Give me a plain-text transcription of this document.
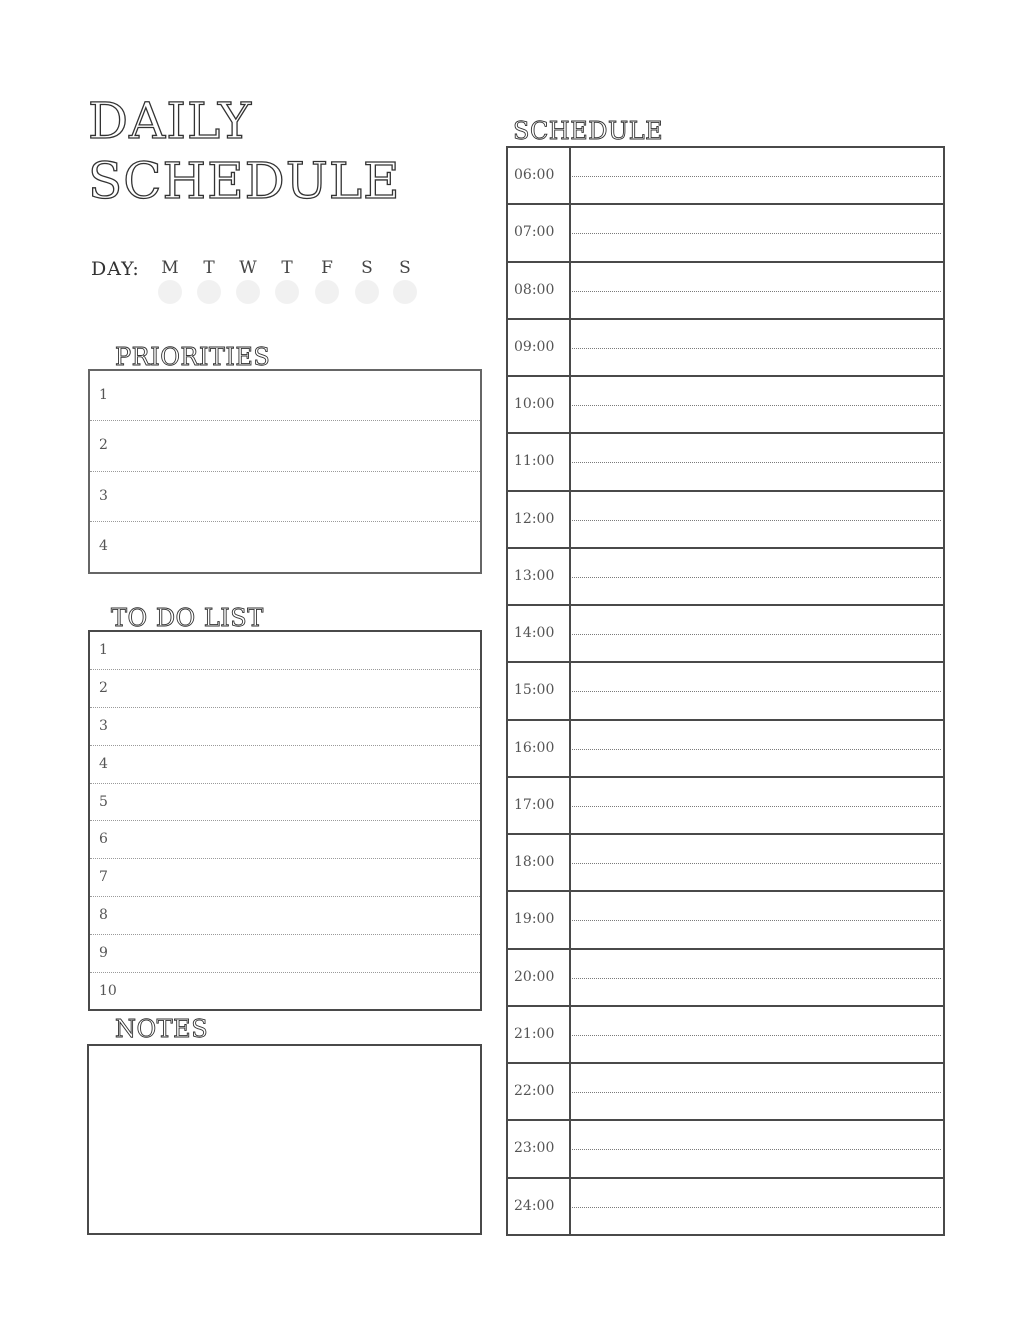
DAILY
SCHEDULE
DAY:	M	T	W	T	F	S	S
PRIORITIES
1
2
3
4
TO DO LIST
1
2
3
4
5
6
7
8
9
10
NOTES
SCHEDULE
06:00
07:00
08:00
09:00
10:00
11:00
12:00
13:00
14:00
15:00
16:00
17:00
18:00
19:00
20:00
21:00
22:00
23:00
24:00
